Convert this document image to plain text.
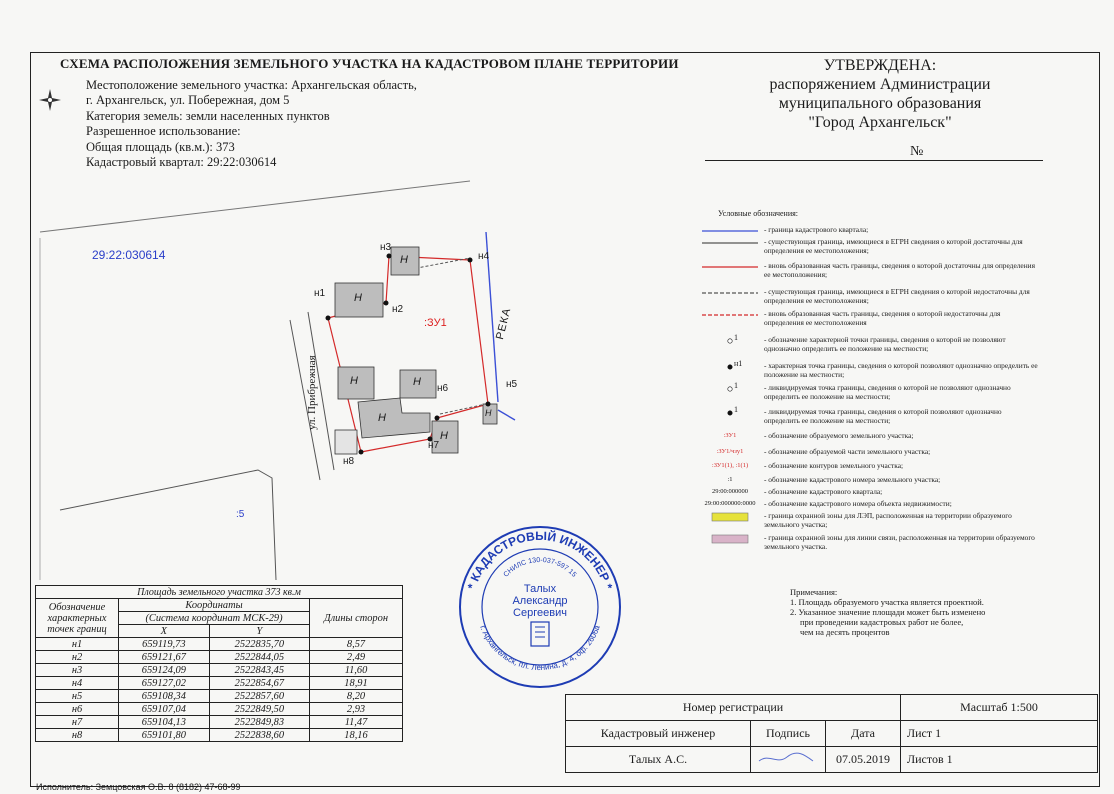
СХЕМА РАСПОЛОЖЕНИЯ ЗЕМЕЛЬНОГО УЧАСТКА НА КАДАСТРОВОМ ПЛАНЕ ТЕРРИТОРИИ
Местоположение земельного участка: Архангельская область,
г. Архангельск, ул. Побережная, дом 5
Категория земель: земли населенных пунктов
Разрешенное использование:
Общая площадь (кв.м.): 373
Кадастровый квартал: 29:22:030614
УТВЕРЖДЕНА:
распоряжением Администрации
муниципального образования
"Город Архангельск"
№
29:22:030614
:ЗУ1	РЕКА
ул. Прибрежная
:5
Н
Н
Н	Н
Н
Н
Н
н1
н2
н3
н4
н5
н6
н7
н8
Условные обозначения:
- граница кадастрового квартала;
- существующая граница, имеющиеся в ЕГРН сведения о которой достаточны для определения ее местоположения;
- вновь образованная часть границы, сведения о которой достаточны для определения ее местоположения;
- существующая граница, имеющиеся в ЕГРН сведения о которой недостаточны для определения ее местоположения;
- вновь образованная часть границы, сведения о которой недостаточны для определения ее местоположения
1	- обозначение характерной точки границы, сведения о которой не позволяют однозначно определить ее положение на местности;
н1	- характерная точка границы, сведения о которой позволяют однозначно определить ее положение на местности;
1	- ликвидируемая точка границы, сведения о которой не позволяют однозначно определить ее положение на местности;
1	- ликвидируемая точка границы, сведения о которой позволяют однозначно определить ее положение на местности;
:ЗУ1	- обозначение образуемого земельного участка;
:ЗУ1/чзу1	- обозначение образуемой части земельного участка;
:ЗУ1(1), :1(1)	- обозначение контуров земельного участка;
:1	- обозначение кадастрового номера земельного участка;
29:00:000000	- обозначение кадастрового квартала;
29:00:000000:0000	- обозначение кадастрового номера объекта недвижимости;
- граница охранной зоны для ЛЭП, расположенная на территории образуемого земельного участка;
- граница охранной зоны для линии связи, расположенная на территории образуемого земельного участка.
Площадь земельного участка 373 кв.м			
Обозначение характерных точек границ	Координаты		Длины сторон
	(Система координат МСК-29)		
	X	Y	
н1	659119,73	2522835,70	8,57
н2	659121,67	2522844,05	2,49
н3	659124,09	2522843,45	11,60
н4	659127,02	2522854,67	18,91
н5	659108,34	2522857,60	8,20
н6	659107,04	2522849,50	2,93
н7	659104,13	2522849,83	11,47
н8	659101,80	2522838,60	18,16
Примечания:
1. Площадь образуемого участка является проектной.
2. Указанное значение площади может быть изменено
при проведении кадастровых работ не более,
чем на десять процентов
* КАДАСТРОВЫЙ ИНЖЕНЕР *
г. Архангельск, пл. Ленина, д. 4, оф. 2606а
СНИЛС 130-037-597 15
Талых
Александр
Сергеевич
Номер регистрации			Масштаб 1:500
Кадастровый инженер	Подпись	Дата	Лист 1
Талых А.С.		07.05.2019	Листов 1
Исполнитель: Земцовская О.В. 8 (8182) 47-68-99
